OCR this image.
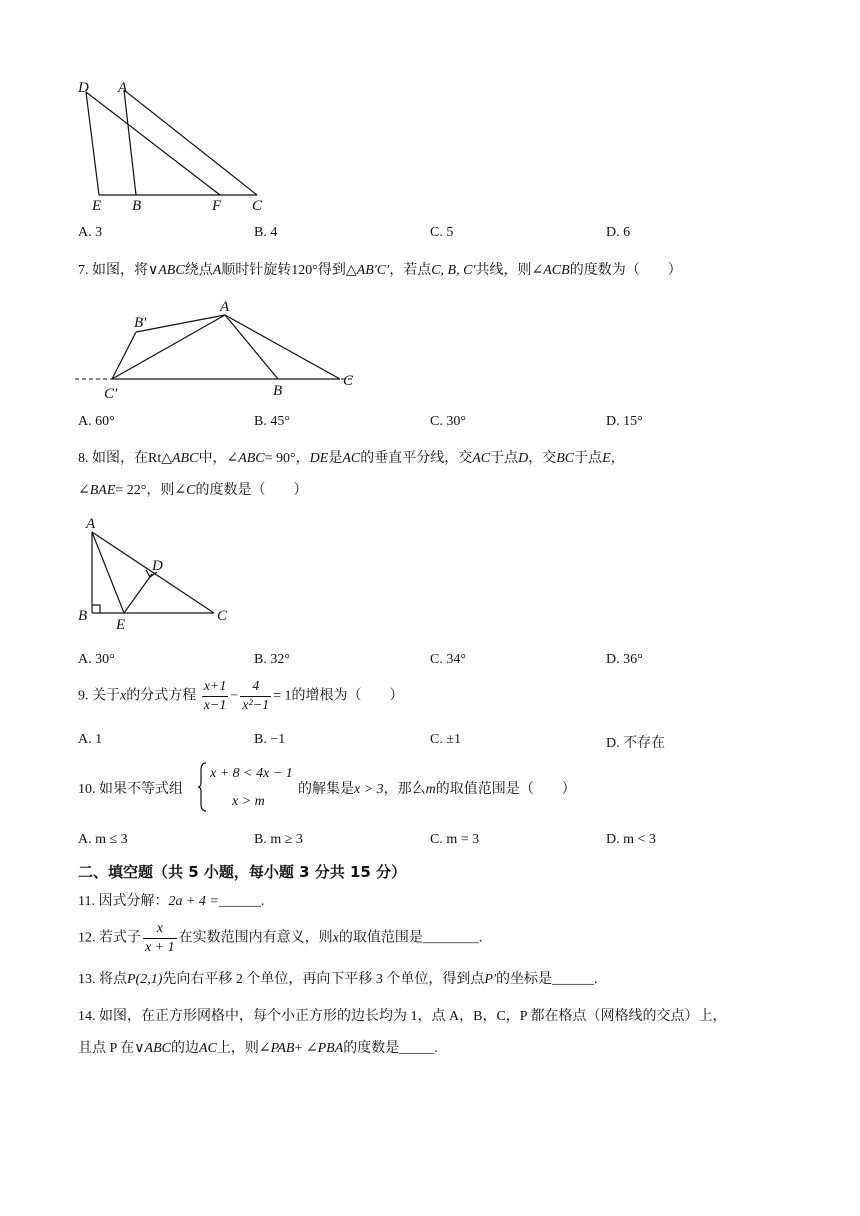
D A
E B	F C
A. 3	B. 4	C. 5	D. 6
7. 如图，将∨ABC绕点A顺时针旋转120°得到△AB′C′，若点C, B, C′共线，则∠ACB的度数为（　　）
B′
A
C′	B
C
A. 60°	B. 45°	C. 30°	D. 15°
8. 如图，在Rt△ABC中，∠ABC= 90°，DE是AC的垂直平分线，交AC于点D，交BC于点E，
∠BAE= 22°，则∠C的度数是（　　）
A
D
B
E
C
A. 30°	B. 32°	C. 34°	D. 36°
9. 关于x的分式方程 $\frac{x+1}{x-1} - \frac{4}{\text{x²−1}} = 1$的增根为（　　）
A. 1	B. −1	C. ±1	D. 不存在
10. 如果不等式组
x + 8 < 4x − 1
x > m
的解集是x > 3，那么m的取值范围是（　　）
A. m ≤ 3	B. m ≥ 3	C. m = 3	D. m < 3
二、填空题（共 5 小题，每小题 3 分共 15 分）
11. 因式分解：2a + 4 =______.
12. 若式子 $\frac{x}{x + 1}$ 在实数范围内有意义，则x的取值范围是________.
13. 将点P(2,1)先向右平移 2 个单位，再向下平移 3 个单位，得到点P′的坐标是______.
14. 如图，在正方形网格中，每个小正方形的边长均为 1，点 A，B，C，P 都在格点（网格线的交点）上，
且点 P 在∨ABC的边AC上，则∠PAB+ ∠PBA的度数是_____.
